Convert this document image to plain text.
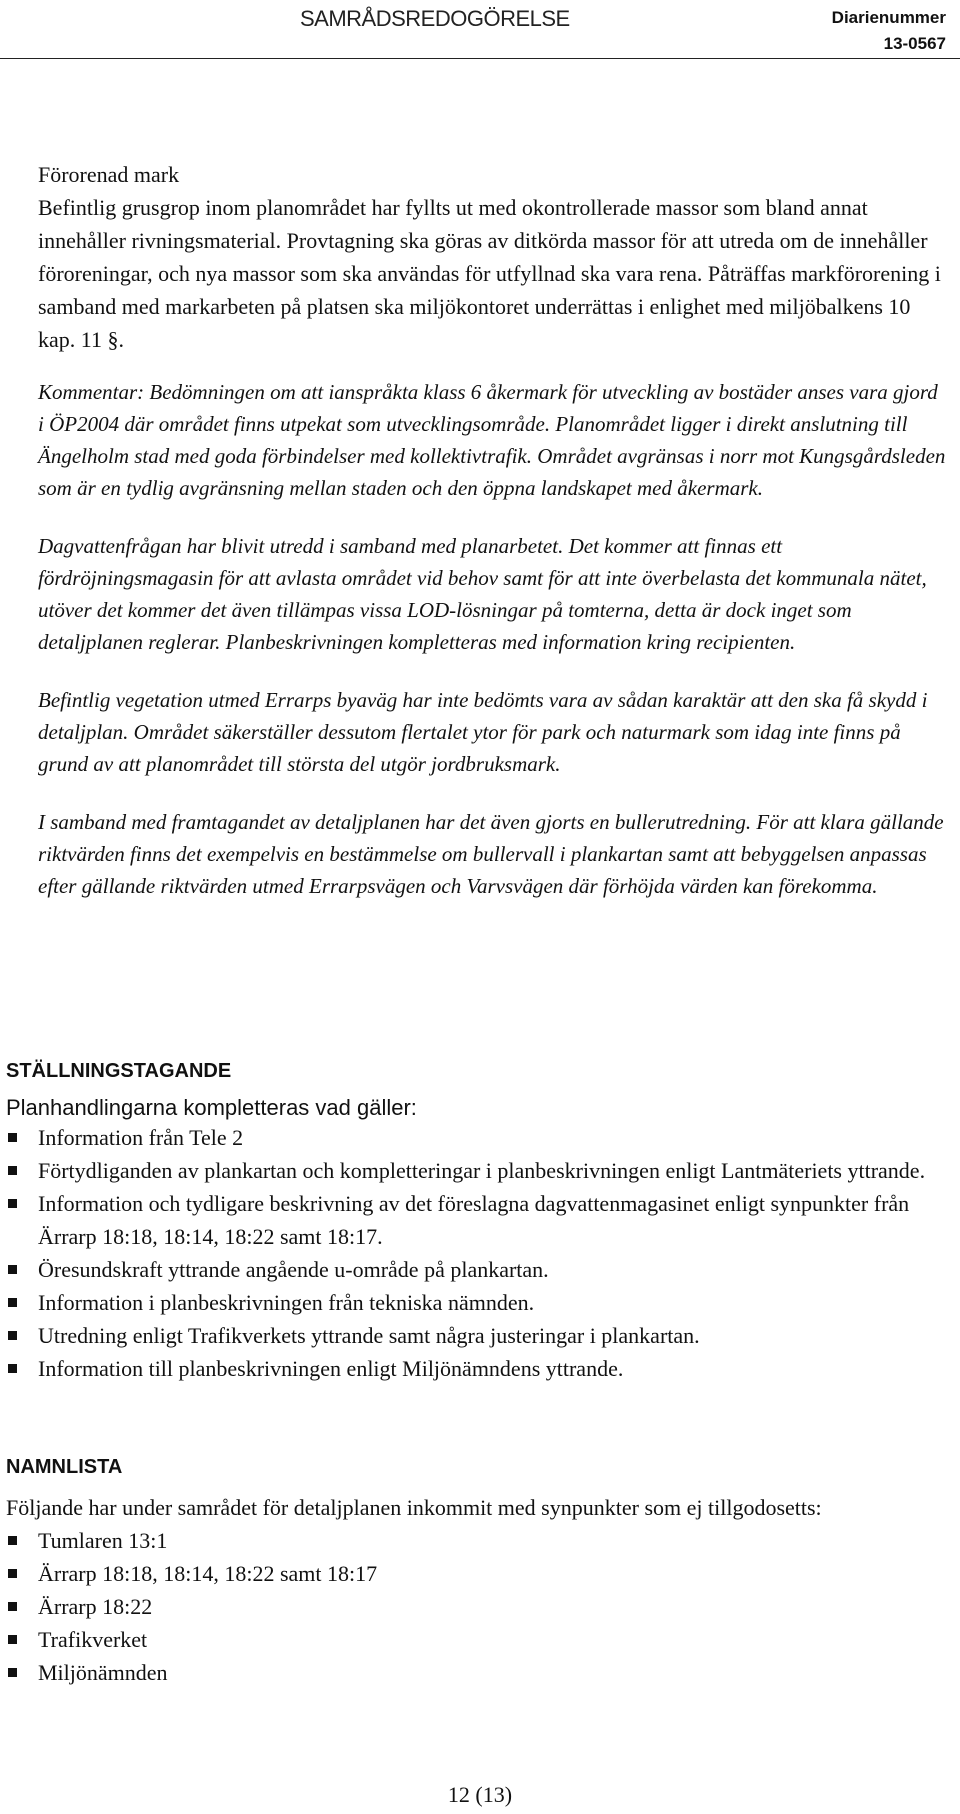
SAMRÅDSREDOGÖRELSE	Diarienummer
13-0567

Förorenad mark

Befintlig grusgrop inom planområdet har fyllts ut med okontrollerade massor som bland annat innehåller rivningsmaterial. Provtagning ska göras av ditkörda massor för att utreda om de innehåller föroreningar, och nya massor som ska användas för utfyllnad ska vara rena. Påträffas markförorening i samband med markarbeten på platsen ska miljökontoret underrättas i enlighet med miljöbalkens 10 kap. 11 §.

Kommentar: Bedömningen om att ianspråkta klass 6 åkermark för utveckling av bostäder anses vara gjord i ÖP2004 där området finns utpekat som utvecklingsområde. Planområdet ligger i direkt anslutning till Ängelholm stad med goda förbindelser med kollektivtrafik. Området avgränsas i norr mot Kungsgårdsleden som är en tydlig avgränsning mellan staden och den öppna landskapet med åkermark.

Dagvattenfrågan har blivit utredd i samband med planarbetet. Det kommer att finnas ett fördröjningsmagasin för att avlasta området vid behov samt för att inte överbelasta det kommunala nätet, utöver det kommer det även tillämpas vissa LOD-lösningar på tomterna, detta är dock inget som detaljplanen reglerar. Planbeskrivningen kompletteras med information kring recipienten.

Befintlig vegetation utmed Errarps byaväg har inte bedömts vara av sådan karaktär att den ska få skydd i detaljplan. Området säkerställer dessutom flertalet ytor för park och naturmark som idag inte finns på grund av att planområdet till största del utgör jordbruksmark.

I samband med framtagandet av detaljplanen har det även gjorts en bullerutredning. För att klara gällande riktvärden finns det exempelvis en bestämmelse om bullervall i plankartan samt att bebyggelsen anpassas efter gällande riktvärden utmed Errarpsvägen och Varvsvägen där förhöjda värden kan förekomma.

STÄLLNINGSTAGANDE

Planhandlingarna kompletteras vad gäller:

Information från Tele 2
Förtydliganden av plankartan och kompletteringar i planbeskrivningen enligt Lantmäteriets yttrande.
Information och tydligare beskrivning av det föreslagna dagvattenmagasinet enligt synpunkter från Ärrarp 18:18, 18:14, 18:22 samt 18:17.
Öresundskraft yttrande angående u-område på plankartan.
Information i planbeskrivningen från tekniska nämnden.
Utredning enligt Trafikverkets yttrande samt några justeringar i plankartan.
Information till planbeskrivningen enligt Miljönämndens yttrande.

NAMNLISTA

Följande har under samrådet för detaljplanen inkommit med synpunkter som ej tillgodosetts:

Tumlaren 13:1
Ärrarp 18:18, 18:14, 18:22 samt 18:17
Ärrarp 18:22
Trafikverket
Miljönämnden
12 (13)
